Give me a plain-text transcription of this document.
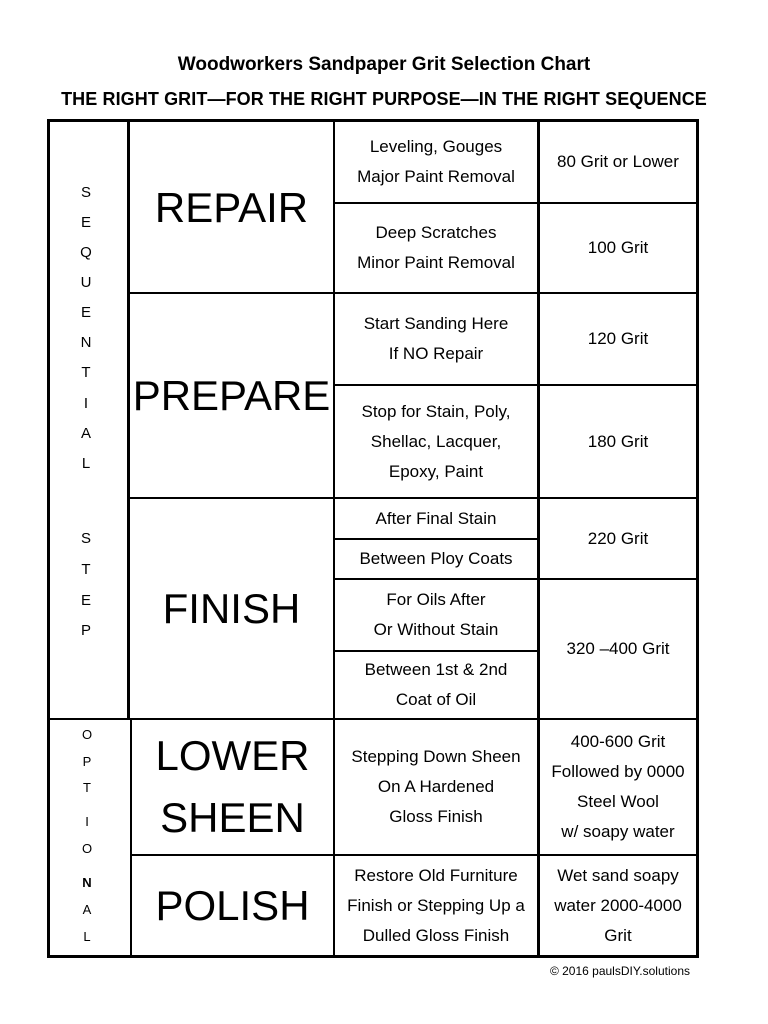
Woodworkers Sandpaper Grit Selection Chart
THE RIGHT GRIT—FOR THE RIGHT PURPOSE—IN THE RIGHT SEQUENCE
S
E
Q
U
E
N
T
I
A
L
S
T
E
P
O
P
T
I
O
N
A
L
REPAIR
PREPARE
FINISH
LOWER
SHEEN
POLISH
Leveling, Gouges
Major Paint Removal
Deep Scratches
Minor Paint Removal
Start Sanding Here
If NO Repair
Stop for Stain, Poly,
Shellac, Lacquer,
Epoxy, Paint
After Final Stain
Between Ploy Coats
For Oils After
Or Without Stain
Between 1st & 2nd
Coat of Oil
Stepping Down Sheen
On A Hardened
Gloss Finish
Restore Old Furniture
Finish or Stepping Up a
Dulled Gloss Finish
80 Grit or Lower
100 Grit
120 Grit
180 Grit
220 Grit
320 –400 Grit
400-600 Grit
Followed by 0000
Steel Wool
w/ soapy water
Wet sand soapy
water 2000-4000
Grit
© 2016 paulsDIY.solutions
